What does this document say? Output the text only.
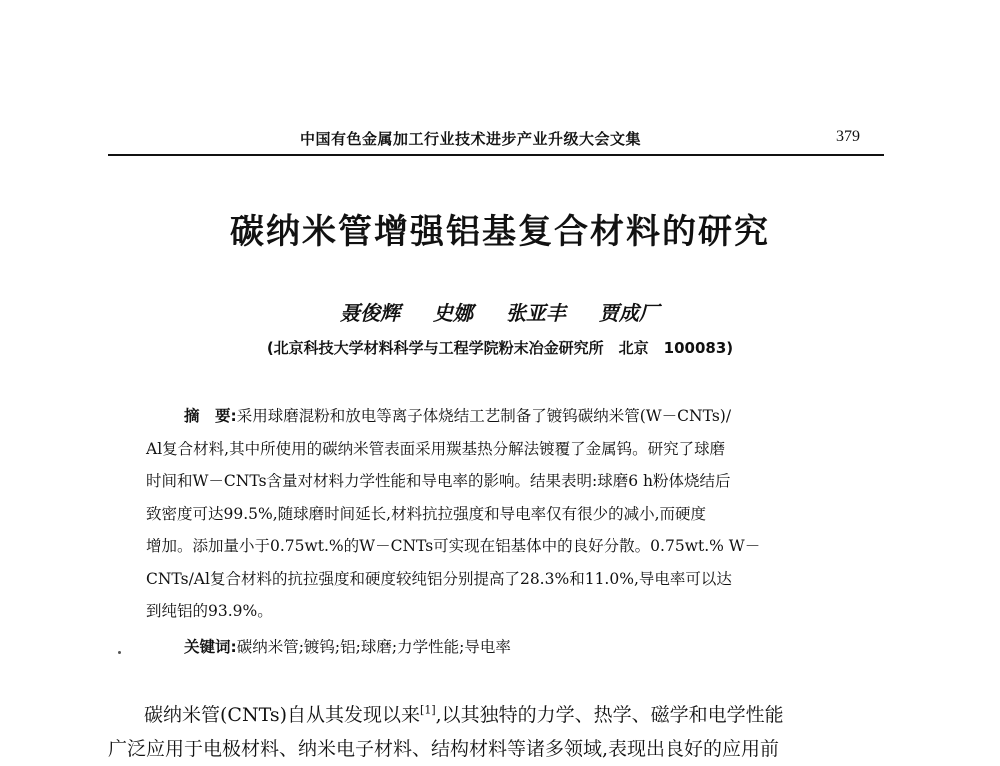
中国有色金属加工行业技术进步产业升级大会文集	379
碳纳米管增强铝基复合材料的研究
聂俊辉 史娜 张亚丰 贾成厂
(北京科技大学材料科学与工程学院粉末冶金研究所　北京　100083)
摘　要:采用球磨混粉和放电等离子体烧结工艺制备了镀钨碳纳米管(W－CNTs)/
Al复合材料,其中所使用的碳纳米管表面采用羰基热分解法镀覆了金属钨。研究了球磨
时间和W－CNTs含量对材料力学性能和导电率的影响。结果表明:球磨6 h粉体烧结后
致密度可达99.5%,随球磨时间延长,材料抗拉强度和导电率仅有很少的减小,而硬度
增加。添加量小于0.75wt.%的W－CNTs可实现在铝基体中的良好分散。0.75wt.% W－
CNTs/Al复合材料的抗拉强度和硬度较纯铝分别提高了28.3%和11.0%,导电率可以达
到纯铝的93.9%。
关键词:碳纳米管;镀钨;铝;球磨;力学性能;导电率
碳纳米管(CNTs)自从其发现以来[1],以其独特的力学、热学、磁学和电学性能
广泛应用于电极材料、纳米电子材料、结构材料等诸多领域,表现出良好的应用前
